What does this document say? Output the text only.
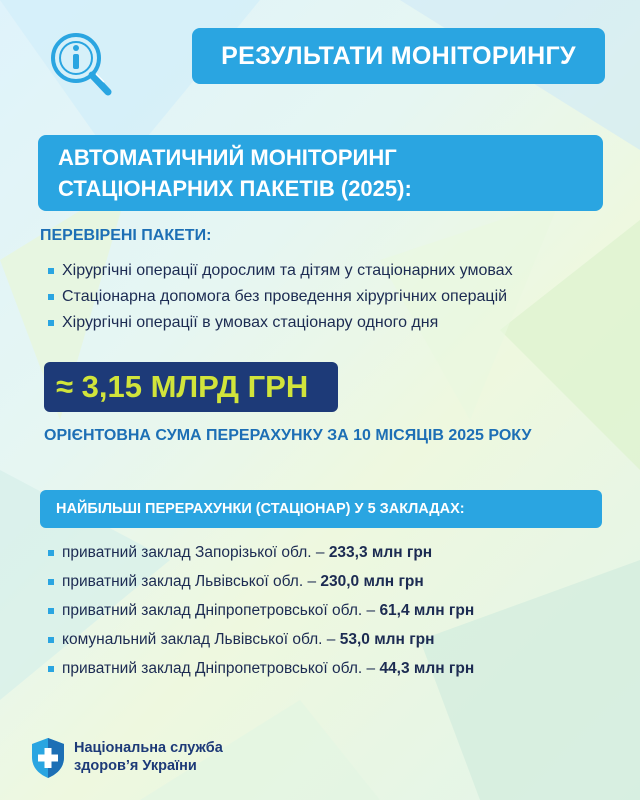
РЕЗУЛЬТАТИ МОНІТОРИНГУ
АВТОМАТИЧНИЙ МОНІТОРИНГ
СТАЦІОНАРНИХ ПАКЕТІВ (2025):
ПЕРЕВІРЕНІ ПАКЕТИ:
Хірургічні операції дорослим та дітям у стаціонарних умовах
Стаціонарна допомога без проведення хірургічних операцій
Хірургічні операції в умовах стаціонару одного дня
≈ 3,15 МЛРД ГРН
ОРІЄНТОВНА СУМА ПЕРЕРАХУНКУ ЗА 10 МІСЯЦІВ 2025 РОКУ
НАЙБІЛЬШІ ПЕРЕРАХУНКИ (СТАЦІОНАР) У 5 ЗАКЛАДАХ:
приватний заклад Запорізької обл. – 233,3 млн грн
приватний заклад Львівської обл. – 230,0 млн грн
приватний заклад Дніпропетровської обл. – 61,4 млн грн
комунальний заклад Львівської обл. – 53,0 млн грн
приватний заклад Дніпропетровської обл. – 44,3 млн грн
Національна служба
здоров’я України
